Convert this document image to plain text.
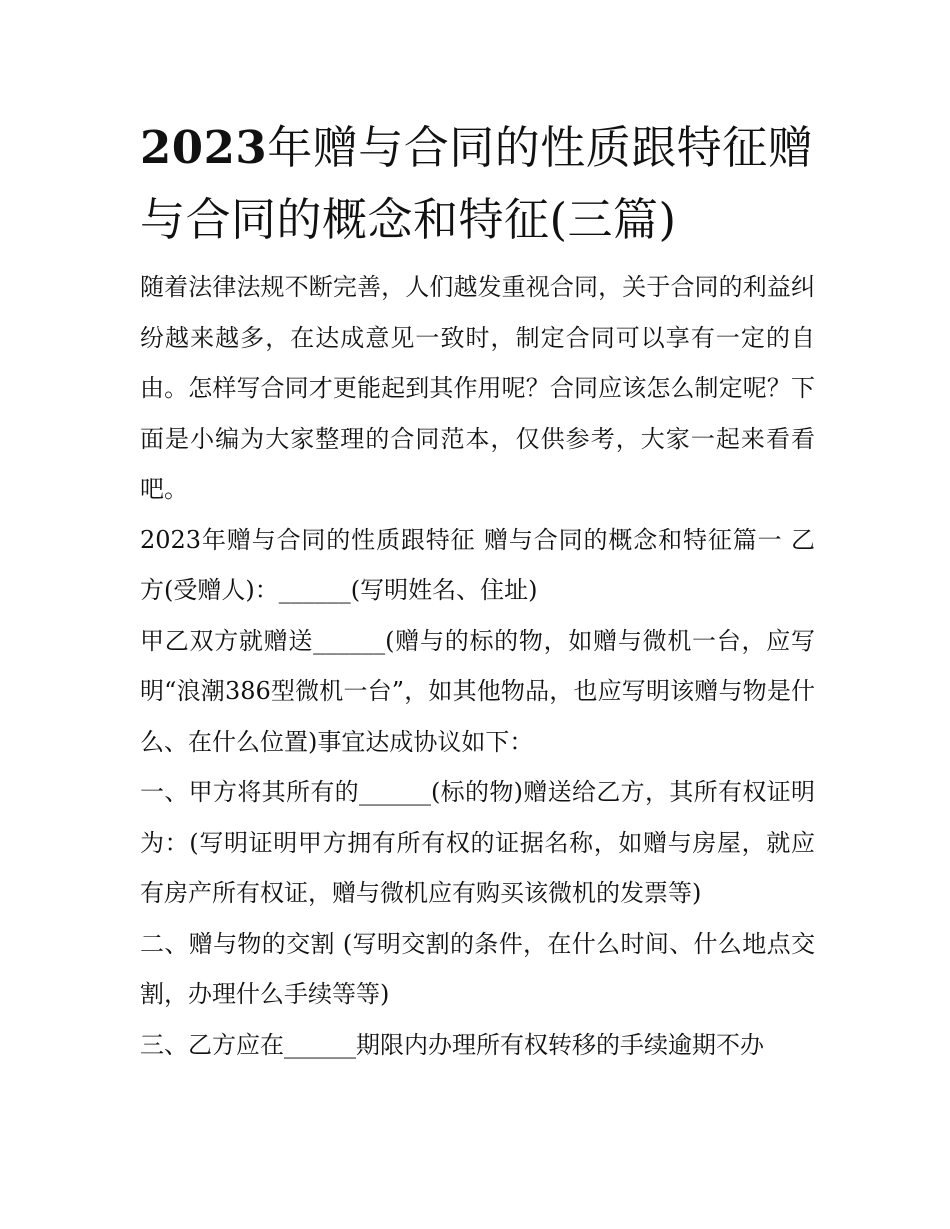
2023年赠与合同的性质跟特征赠与合同的概念和特征(三篇)

随着法律法规不断完善，人们越发重视合同，关于合同的利益纠纷越来越多，在达成意见一致时，制定合同可以享有一定的自由。怎样写合同才更能起到其作用呢？合同应该怎么制定呢？下面是小编为大家整理的合同范本，仅供参考，大家一起来看看吧。

2023年赠与合同的性质跟特征 赠与合同的概念和特征篇一 乙方(受赠人)：______(写明姓名、住址)

甲乙双方就赠送______(赠与的标的物，如赠与微机一台，应写明“浪潮386型微机一台”，如其他物品，也应写明该赠与物是什么、在什么位置)事宜达成协议如下：

一、甲方将其所有的______(标的物)赠送给乙方，其所有权证明为：(写明证明甲方拥有所有权的证据名称，如赠与房屋，就应有房产所有权证，赠与微机应有购买该微机的发票等)

二、赠与物的交割 (写明交割的条件，在什么时间、什么地点交割，办理什么手续等等)

三、乙方应在______期限内办理所有权转移的手续逾期不办
